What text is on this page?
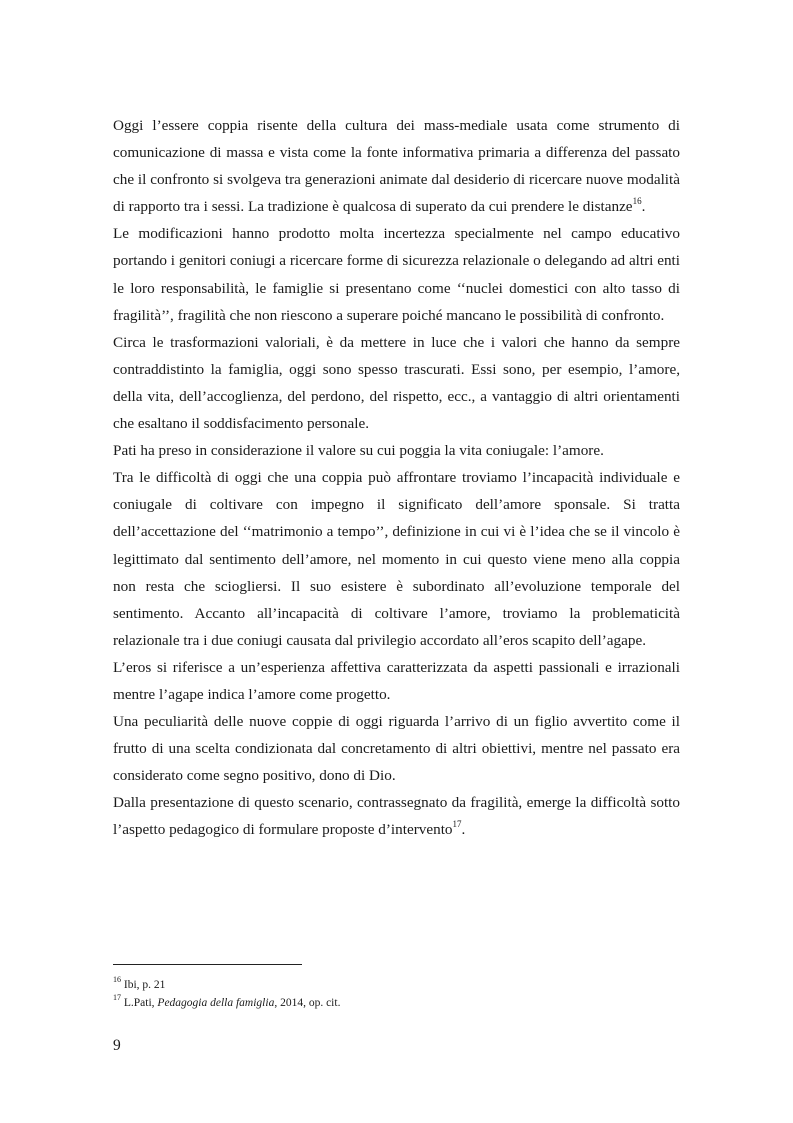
Oggi l’essere coppia risente della cultura dei mass-mediale usata come strumento di comunicazione di massa e vista come la fonte informativa primaria a differenza del passato che il confronto si svolgeva tra generazioni animate dal desiderio di ricercare nuove modalità di rapporto tra i sessi. La tradizione è qualcosa di superato da cui prendere le distanze$^{16}$.

Le modificazioni hanno prodotto molta incertezza specialmente nel campo educativo portando i genitori coniugi a ricercare forme di sicurezza relazionale o delegando ad altri enti le loro responsabilità, le famiglie si presentano come ‘‘nuclei domestici con alto tasso di fragilità’’, fragilità che non riescono a superare poiché mancano le possibilità di confronto.

Circa le trasformazioni valoriali, è da mettere in luce che i valori che hanno da sempre contraddistinto la famiglia, oggi sono spesso trascurati. Essi sono, per esempio, l’amore, della vita, dell’accoglienza, del perdono, del rispetto, ecc., a vantaggio di altri orientamenti che esaltano il soddisfacimento personale.

Pati ha preso in considerazione il valore su cui poggia la vita coniugale: l’amore.

Tra le difficoltà di oggi che una coppia può affrontare troviamo l’incapacità individuale e coniugale di coltivare con impegno il significato dell’amore sponsale. Si tratta dell’accettazione del ‘‘matrimonio a tempo’’, definizione in cui vi è l’idea che se il vincolo è legittimato dal sentimento dell’amore, nel momento in cui questo viene meno alla coppia non resta che sciogliersi. Il suo esistere è subordinato all’evoluzione temporale del sentimento. Accanto all’incapacità di coltivare l’amore, troviamo la problematicità relazionale tra i due coniugi causata dal privilegio accordato all’eros scapito dell’agape.

L’eros si riferisce a un’esperienza affettiva caratterizzata da aspetti passionali e irrazionali mentre l’agape indica l’amore come progetto.

Una peculiarità delle nuove coppie di oggi riguarda l’arrivo di un figlio avvertito come il frutto di una scelta condizionata dal concretamento di altri obiettivi, mentre nel passato era considerato come segno positivo, dono di Dio.

Dalla presentazione di questo scenario, contrassegnato da fragilità, emerge la difficoltà sotto l’aspetto pedagogico di formulare proposte d’intervento$^{17}$.

$^{16}$ Ibi, p. 21
$^{17}$ L.Pati, Pedagogia della famiglia, 2014, op. cit.
9
